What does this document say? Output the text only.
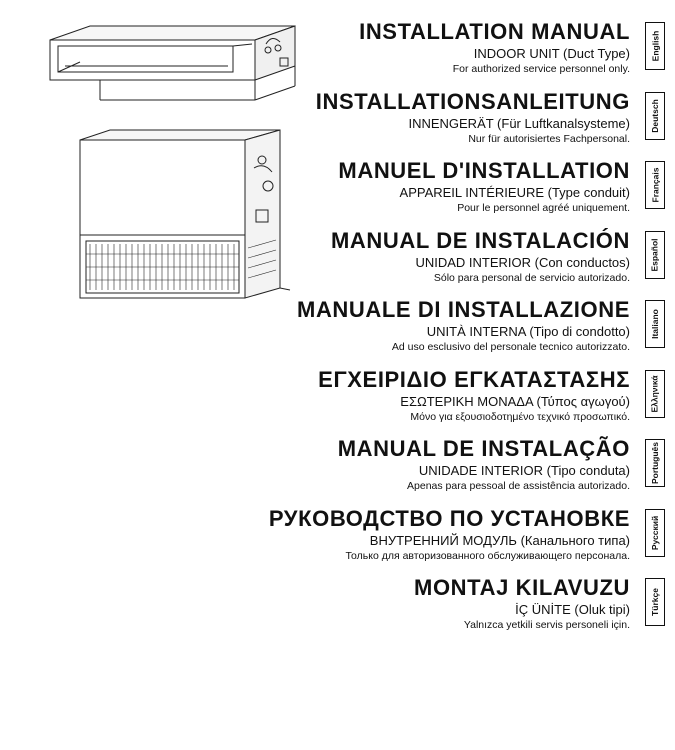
INSTALLATION MANUAL
INDOOR UNIT (Duct Type)
For authorized service personnel only.
INSTALLATIONSANLEITUNG
INNENGERÄT (Für Luftkanalsysteme)
Nur für autorisiertes Fachpersonal.
MANUEL D'INSTALLATION
APPAREIL INTÉRIEURE (Type conduit)
Pour le personnel agréé uniquement.
MANUAL DE INSTALACIÓN
UNIDAD INTERIOR (Con conductos)
Sólo para personal de servicio autorizado.
MANUALE DI INSTALLAZIONE
UNITÀ INTERNA (Tipo di condotto)
Ad uso esclusivo del personale tecnico autorizzato.
ΕΓΧΕΙΡΙΔΙΟ ΕΓΚΑΤΑΣΤΑΣΗΣ
ΕΣΩΤΕΡΙΚΗ ΜΟΝΑΔΑ (Τύπος αγωγού)
Μόνο για εξουσιοδοτημένο τεχνικό προσωπικό.
MANUAL DE INSTALAÇÃO
UNIDADE INTERIOR (Tipo conduta)
Apenas para pessoal de assistência autorizado.
РУКОВОДСТВО ПО УСТАНОВКЕ
ВНУТРЕННИЙ МОДУЛЬ (Канального типа)
Только для авторизованного обслуживающего персонала.
MONTAJ KILAVUZU
İÇ ÜNİTE (Oluk tipi)
Yalnızca yetkili servis personeli için.
English
Deutsch
Français
Español
Italiano
Ελληνικά
Português
Русский
Türkçe
